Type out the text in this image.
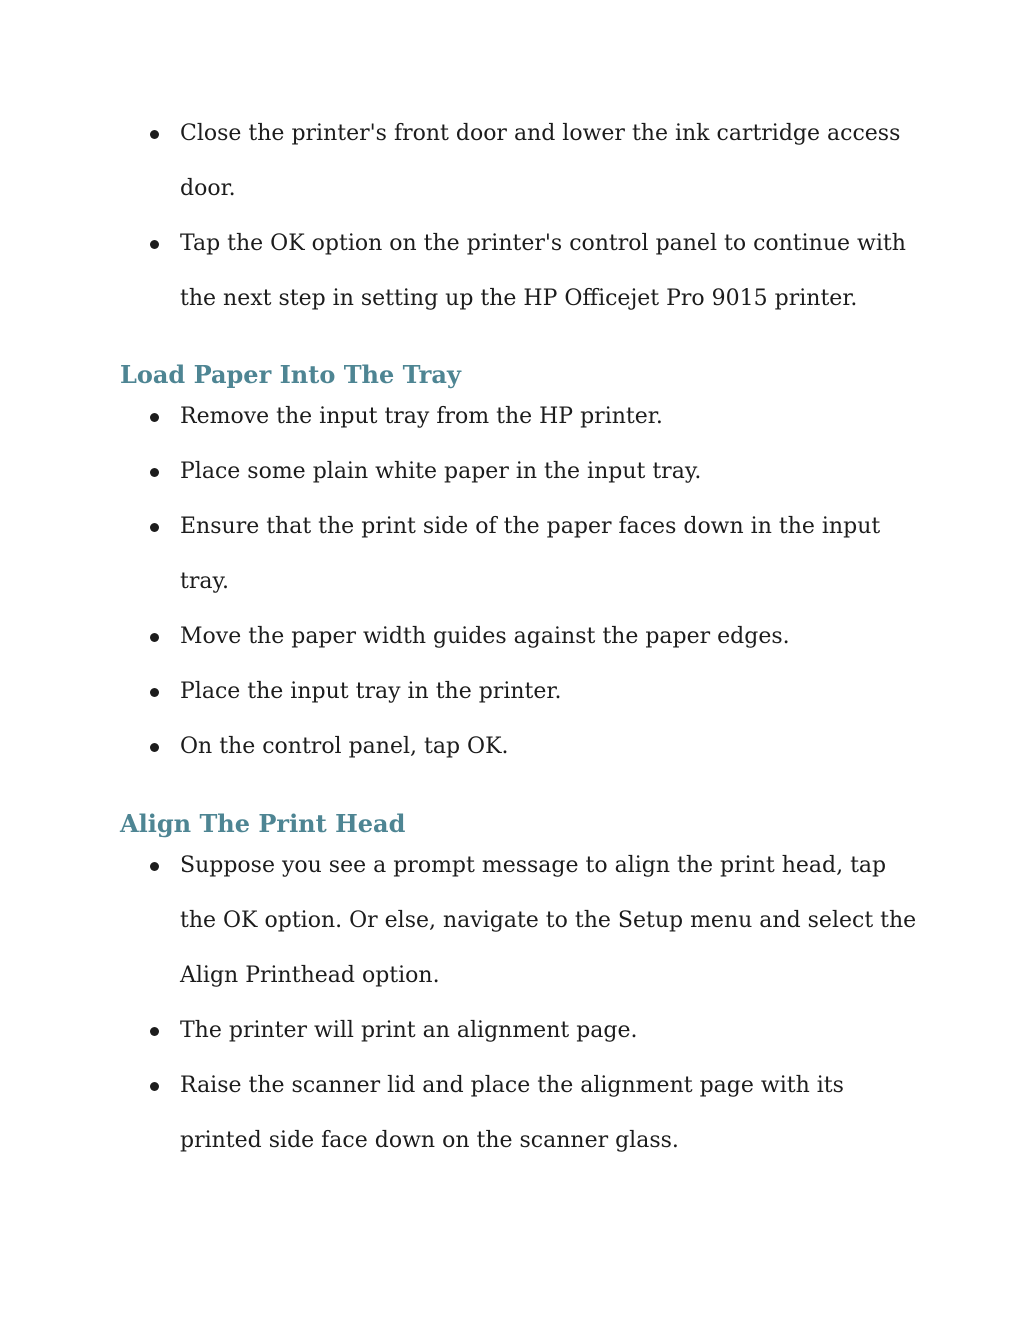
Close the printer's front door and lower the ink cartridge access door.
Tap the OK option on the printer's control panel to continue with the next step in setting up the HP Officejet Pro 9015 printer.
Load Paper Into The Tray
Remove the input tray from the HP printer.
Place some plain white paper in the input tray.
Ensure that the print side of the paper faces down in the input tray.
Move the paper width guides against the paper edges.
Place the input tray in the printer.
On the control panel, tap OK.
Align The Print Head
Suppose you see a prompt message to align the print head, tap the OK option. Or else, navigate to the Setup menu and select the Align Printhead option.
The printer will print an alignment page.
Raise the scanner lid and place the alignment page with its printed side face down on the scanner glass.
